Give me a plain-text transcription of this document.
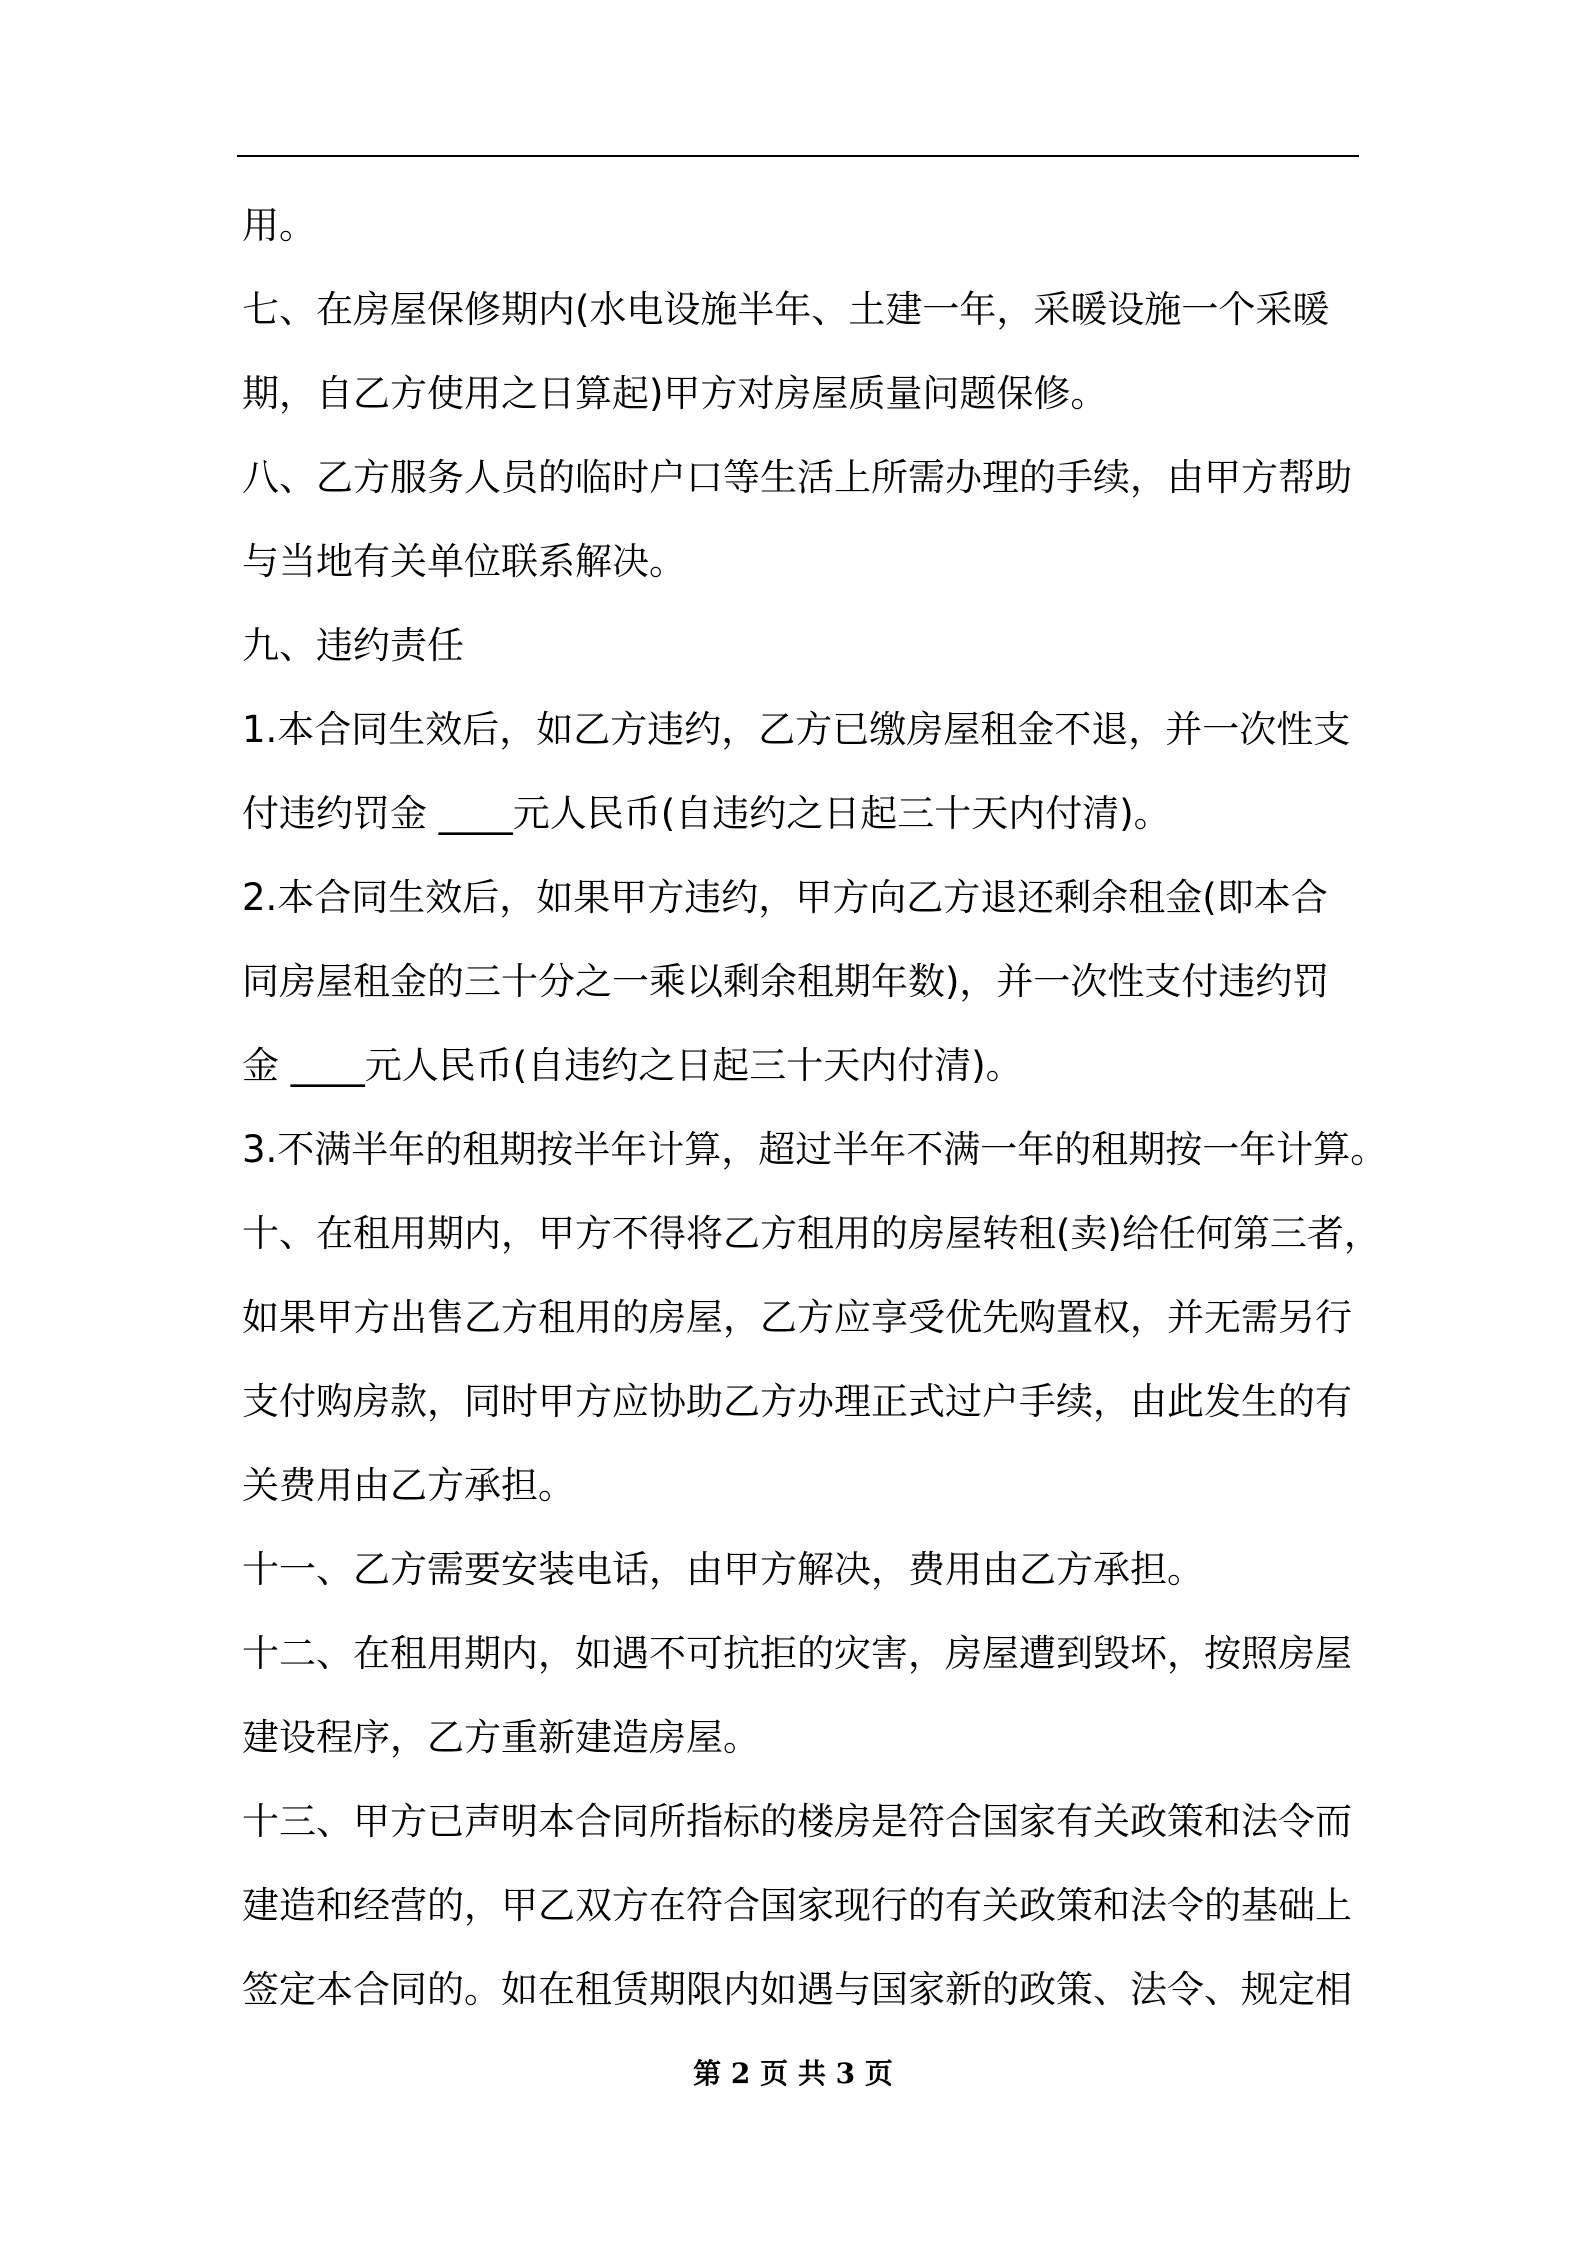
用。
七、在房屋保修期内(水电设施半年、土建一年，采暖设施一个采暖
期，自乙方使用之日算起)甲方对房屋质量问题保修。
八、乙方服务人员的临时户口等生活上所需办理的手续，由甲方帮助
与当地有关单位联系解决。
九、违约责任
1.本合同生效后，如乙方违约，乙方已缴房屋租金不退，并一次性支
付违约罚金 ____元人民币(自违约之日起三十天内付清)。
2.本合同生效后，如果甲方违约，甲方向乙方退还剩余租金(即本合
同房屋租金的三十分之一乘以剩余租期年数)，并一次性支付违约罚
金 ____元人民币(自违约之日起三十天内付清)。
3.不满半年的租期按半年计算，超过半年不满一年的租期按一年计算。
十、在租用期内，甲方不得将乙方租用的房屋转租(卖)给任何第三者，
如果甲方出售乙方租用的房屋，乙方应享受优先购置权，并无需另行
支付购房款，同时甲方应协助乙方办理正式过户手续，由此发生的有
关费用由乙方承担。
十一、乙方需要安装电话，由甲方解决，费用由乙方承担。
十二、在租用期内，如遇不可抗拒的灾害，房屋遭到毁坏，按照房屋
建设程序，乙方重新建造房屋。
十三、甲方已声明本合同所指标的楼房是符合国家有关政策和法令而
建造和经营的，甲乙双方在符合国家现行的有关政策和法令的基础上
签定本合同的。如在租赁期限内如遇与国家新的政策、法令、规定相
第 2 页 共 3 页
